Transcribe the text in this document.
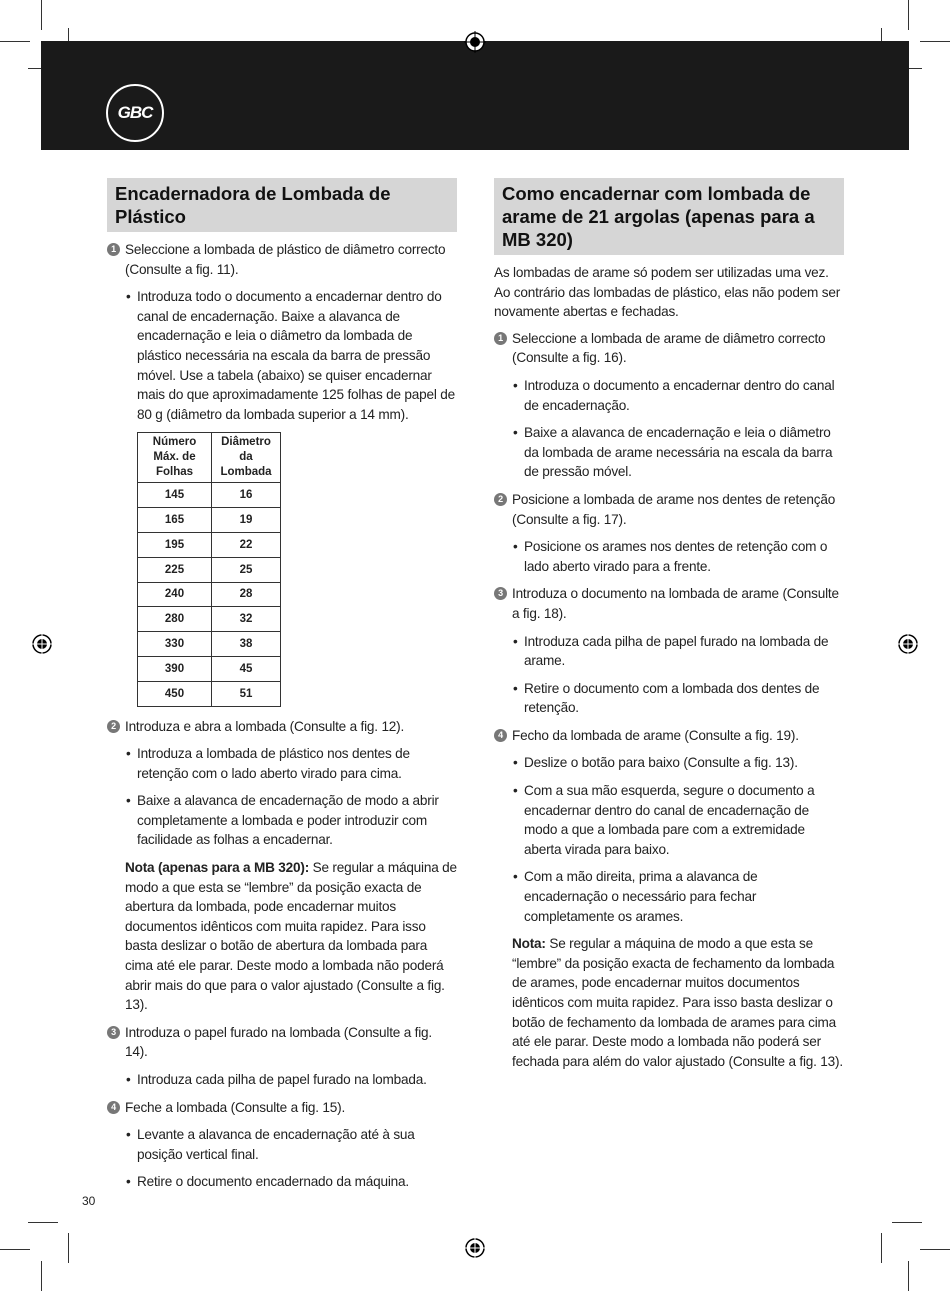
GBC
Encadernadora de Lombada de Plástico
1 Seleccione a lombada de plástico de diâmetro correcto (Consulte a fig. 11).
• Introduza todo o documento a encadernar dentro do canal de encadernação. Baixe a alavanca de encadernação e leia o diâmetro da lombada de plástico necessária na escala da barra de pressão móvel. Use a tabela (abaixo) se quiser encadernar mais do que aproximadamente 125 folhas de papel de 80 g (diâmetro da lombada superior a 14 mm).
Número Máx. de Folhas	Diâmetro da Lombada
145	16
165	19
195	22
225	25
240	28
280	32
330	38
390	45
450	51
2 Introduza e abra a lombada (Consulte a fig. 12).
• Introduza a lombada de plástico nos dentes de retenção com o lado aberto virado para cima.
• Baixe a alavanca de encadernação de modo a abrir completamente a lombada e poder introduzir com facilidade as folhas a encadernar.
Nota (apenas para a MB 320): Se regular a máquina de modo a que esta se “lembre” da posição exacta de abertura da lombada, pode encadernar muitos documentos idênticos com muita rapidez. Para isso basta deslizar o botão de abertura da lombada para cima até ele parar. Deste modo a lombada não poderá abrir mais do que para o valor ajustado (Consulte a fig. 13).
3 Introduza o papel furado na lombada (Consulte a fig. 14).
• Introduza cada pilha de papel furado na lombada.
4 Feche a lombada (Consulte a fig. 15).
• Levante a alavanca de encadernação até à sua posição vertical final.
• Retire o documento encadernado da máquina.
Como encadernar com lombada de arame de 21 argolas (apenas para a MB 320)
As lombadas de arame só podem ser utilizadas uma vez. Ao contrário das lombadas de plástico, elas não podem ser novamente abertas e fechadas.
1 Seleccione a lombada de arame de diâmetro correcto (Consulte a fig. 16).
• Introduza o documento a encadernar dentro do canal de encadernação.
• Baixe a alavanca de encadernação e leia o diâmetro da lombada de arame necessária na escala da barra de pressão móvel.
2 Posicione a lombada de arame nos dentes de retenção (Consulte a fig. 17).
• Posicione os arames nos dentes de retenção com o lado aberto virado para a frente.
3 Introduza o documento na lombada de arame (Consulte a fig. 18).
• Introduza cada pilha de papel furado na lombada de arame.
• Retire o documento com a lombada dos dentes de retenção.
4 Fecho da lombada de arame (Consulte a fig. 19).
• Deslize o botão para baixo (Consulte a fig. 13).
• Com a sua mão esquerda, segure o documento a encadernar dentro do canal de encadernação de modo a que a lombada pare com a extremidade aberta virada para baixo.
• Com a mão direita, prima a alavanca de encadernação o necessário para fechar completamente os arames.
Nota: Se regular a máquina de modo a que esta se “lembre” da posição exacta de fechamento da lombada de arames, pode encadernar muitos documentos idênticos com muita rapidez. Para isso basta deslizar o botão de fechamento da lombada de arames para cima até ele parar. Deste modo a lombada não poderá ser fechada para além do valor ajustado (Consulte a fig. 13).
30
